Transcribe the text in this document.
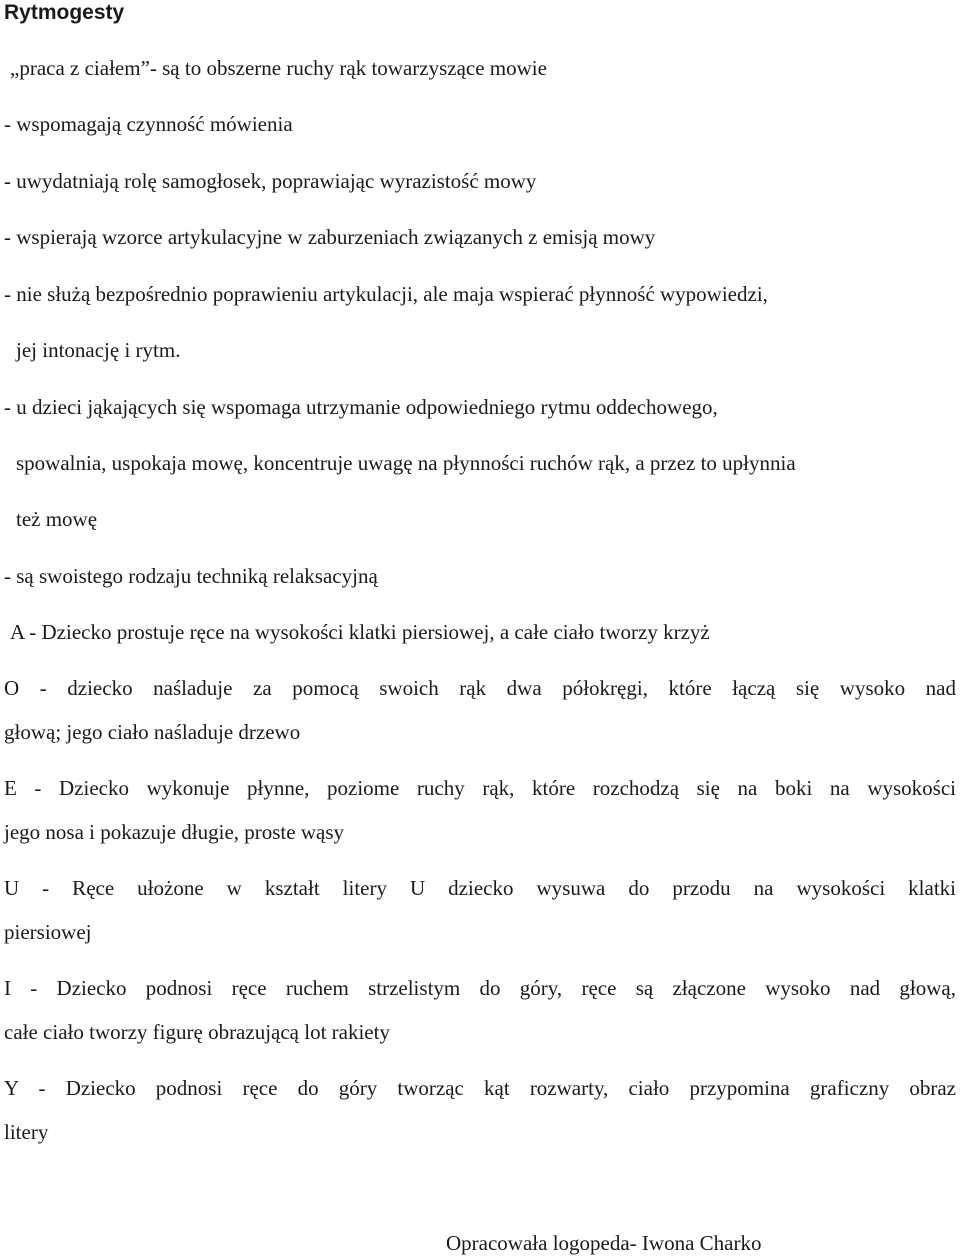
Rytmogesty
„praca z ciałem”- są to obszerne ruchy rąk towarzyszące mowie
- wspomagają czynność mówienia
- uwydatniają rolę samogłosek, poprawiając wyrazistość mowy
- wspierają wzorce artykulacyjne w zaburzeniach związanych z emisją mowy
- nie służą bezpośrednio poprawieniu artykulacji, ale maja wspierać płynność wypowiedzi,
jej intonację i rytm.
- u dzieci jąkających się wspomaga utrzymanie odpowiedniego rytmu oddechowego,
spowalnia, uspokaja mowę, koncentruje uwagę na płynności ruchów rąk, a przez to upłynnia
też mowę
- są swoistego rodzaju techniką relaksacyjną
A - Dziecko prostuje ręce na wysokości klatki piersiowej, a całe ciało tworzy krzyż
O - dziecko naśladuje za pomocą swoich rąk dwa półokręgi, które łączą się wysoko nad
głową; jego ciało naśladuje drzewo
E - Dziecko wykonuje płynne, poziome ruchy rąk, które rozchodzą się na boki na wysokości
jego nosa i pokazuje długie, proste wąsy
U - Ręce ułożone w kształt litery U dziecko wysuwa do przodu na wysokości klatki
piersiowej
I - Dziecko podnosi ręce ruchem strzelistym do góry, ręce są złączone wysoko nad głową,
całe ciało tworzy figurę obrazującą lot rakiety
Y - Dziecko podnosi ręce do góry tworząc kąt rozwarty, ciało przypomina graficzny obraz
litery
Opracowała logopeda- Iwona Charko
